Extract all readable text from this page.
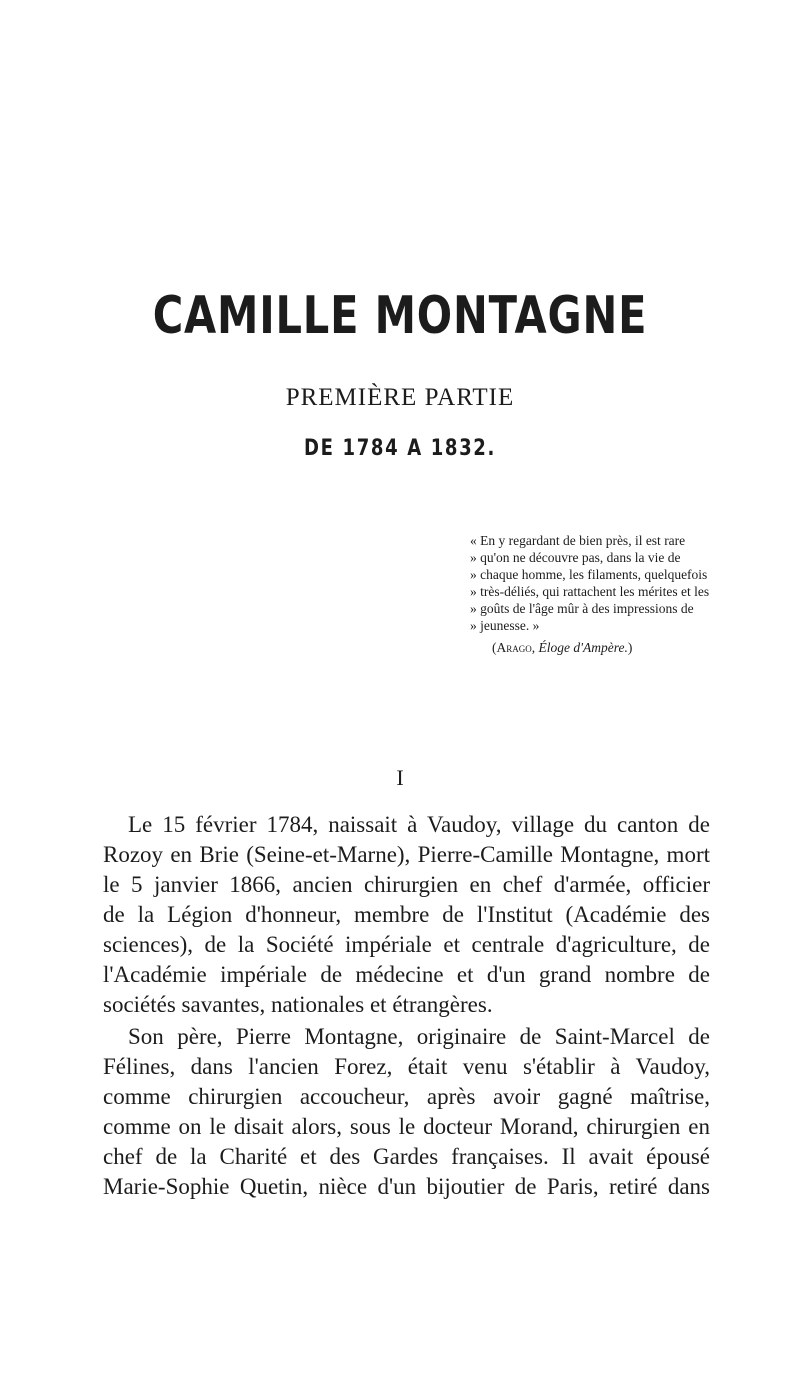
CAMILLE MONTAGNE
PREMIÈRE PARTIE
DE 1784 A 1832.
« En y regardant de bien près, il est rare
» qu'on ne découvre pas, dans la vie de
» chaque homme, les filaments, quelquefois
» très-déliés, qui rattachent les mérites et les
» goûts de l'âge mûr à des impressions de
» jeunesse. »
(Arago, Éloge d'Ampère.)
I
Le 15 février 1784, naissait à Vaudoy, village du canton de
Rozoy en Brie (Seine-et-Marne), Pierre-Camille Montagne, mort
le 5 janvier 1866, ancien chirurgien en chef d'armée, officier
de la Légion d'honneur, membre de l'Institut (Académie des
sciences), de la Société impériale et centrale d'agriculture, de
l'Académie impériale de médecine et d'un grand nombre de
sociétés savantes, nationales et étrangères.
Son père, Pierre Montagne, originaire de Saint-Marcel de
Félines, dans l'ancien Forez, était venu s'établir à Vaudoy,
comme chirurgien accoucheur, après avoir gagné maîtrise,
comme on le disait alors, sous le docteur Morand, chirurgien en
chef de la Charité et des Gardes françaises. Il avait épousé
Marie-Sophie Quetin, nièce d'un bijoutier de Paris, retiré dans
